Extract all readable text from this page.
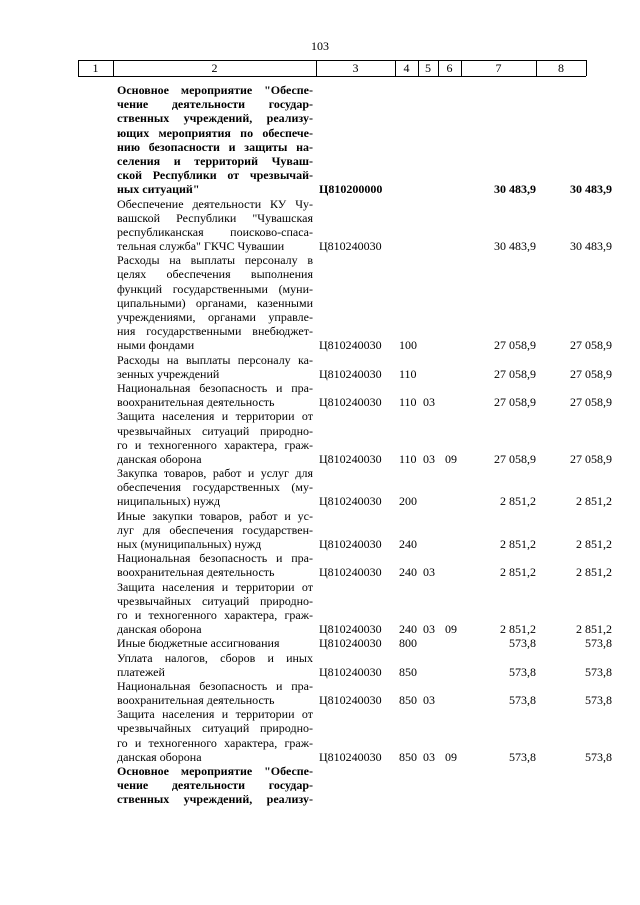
103
1	2	3	4	5	6	7	8
Основное мероприятие "Обеспе-
чение деятельности государ-
ственных учреждений, реализу-
ющих мероприятия по обеспече-
нию безопасности и защиты на-
селения и территорий Чуваш-
ской Республики от чрезвычай-
ных ситуаций"	Ц810200000	30 483,9	30 483,9
Обеспечение деятельности КУ Чу-
вашской Республики "Чувашская
республиканская поисково-спаса-
тельная служба" ГКЧС Чувашии	Ц810240030	30 483,9	30 483,9
Расходы на выплаты персоналу в
целях обеспечения выполнения
функций государственными (муни-
ципальными) органами, казенными
учреждениями, органами управле-
ния государственными внебюджет-
ными фондами	Ц810240030 100	27 058,9	27 058,9
Расходы на выплаты персоналу ка-
зенных учреждений	Ц810240030 110	27 058,9	27 058,9
Национальная безопасность и пра-
воохранительная деятельность	Ц810240030 110 03	27 058,9	27 058,9
Защита населения и территории от
чрезвычайных ситуаций природно-
го и техногенного характера, граж-
данская оборона	Ц810240030 110 03 09	27 058,9	27 058,9
Закупка товаров, работ и услуг для
обеспечения государственных (му-
ниципальных) нужд	Ц810240030 200	2 851,2	2 851,2
Иные закупки товаров, работ и ус-
луг для обеспечения государствен-
ных (муниципальных) нужд	Ц810240030 240	2 851,2	2 851,2
Национальная безопасность и пра-
воохранительная деятельность	Ц810240030 240 03	2 851,2	2 851,2
Защита населения и территории от
чрезвычайных ситуаций природно-
го и техногенного характера, граж-
данская оборона	Ц810240030 240 03 09	2 851,2	2 851,2
Иные бюджетные ассигнования	Ц810240030 800	573,8	573,8
Уплата налогов, сборов и иных
платежей	Ц810240030 850	573,8	573,8
Национальная безопасность и пра-
воохранительная деятельность	Ц810240030 850 03	573,8	573,8
Защита населения и территории от
чрезвычайных ситуаций природно-
го и техногенного характера, граж-
данская оборона	Ц810240030 850 03 09	573,8	573,8
Основное мероприятие "Обеспе-
чение деятельности государ-
ственных учреждений, реализу-
